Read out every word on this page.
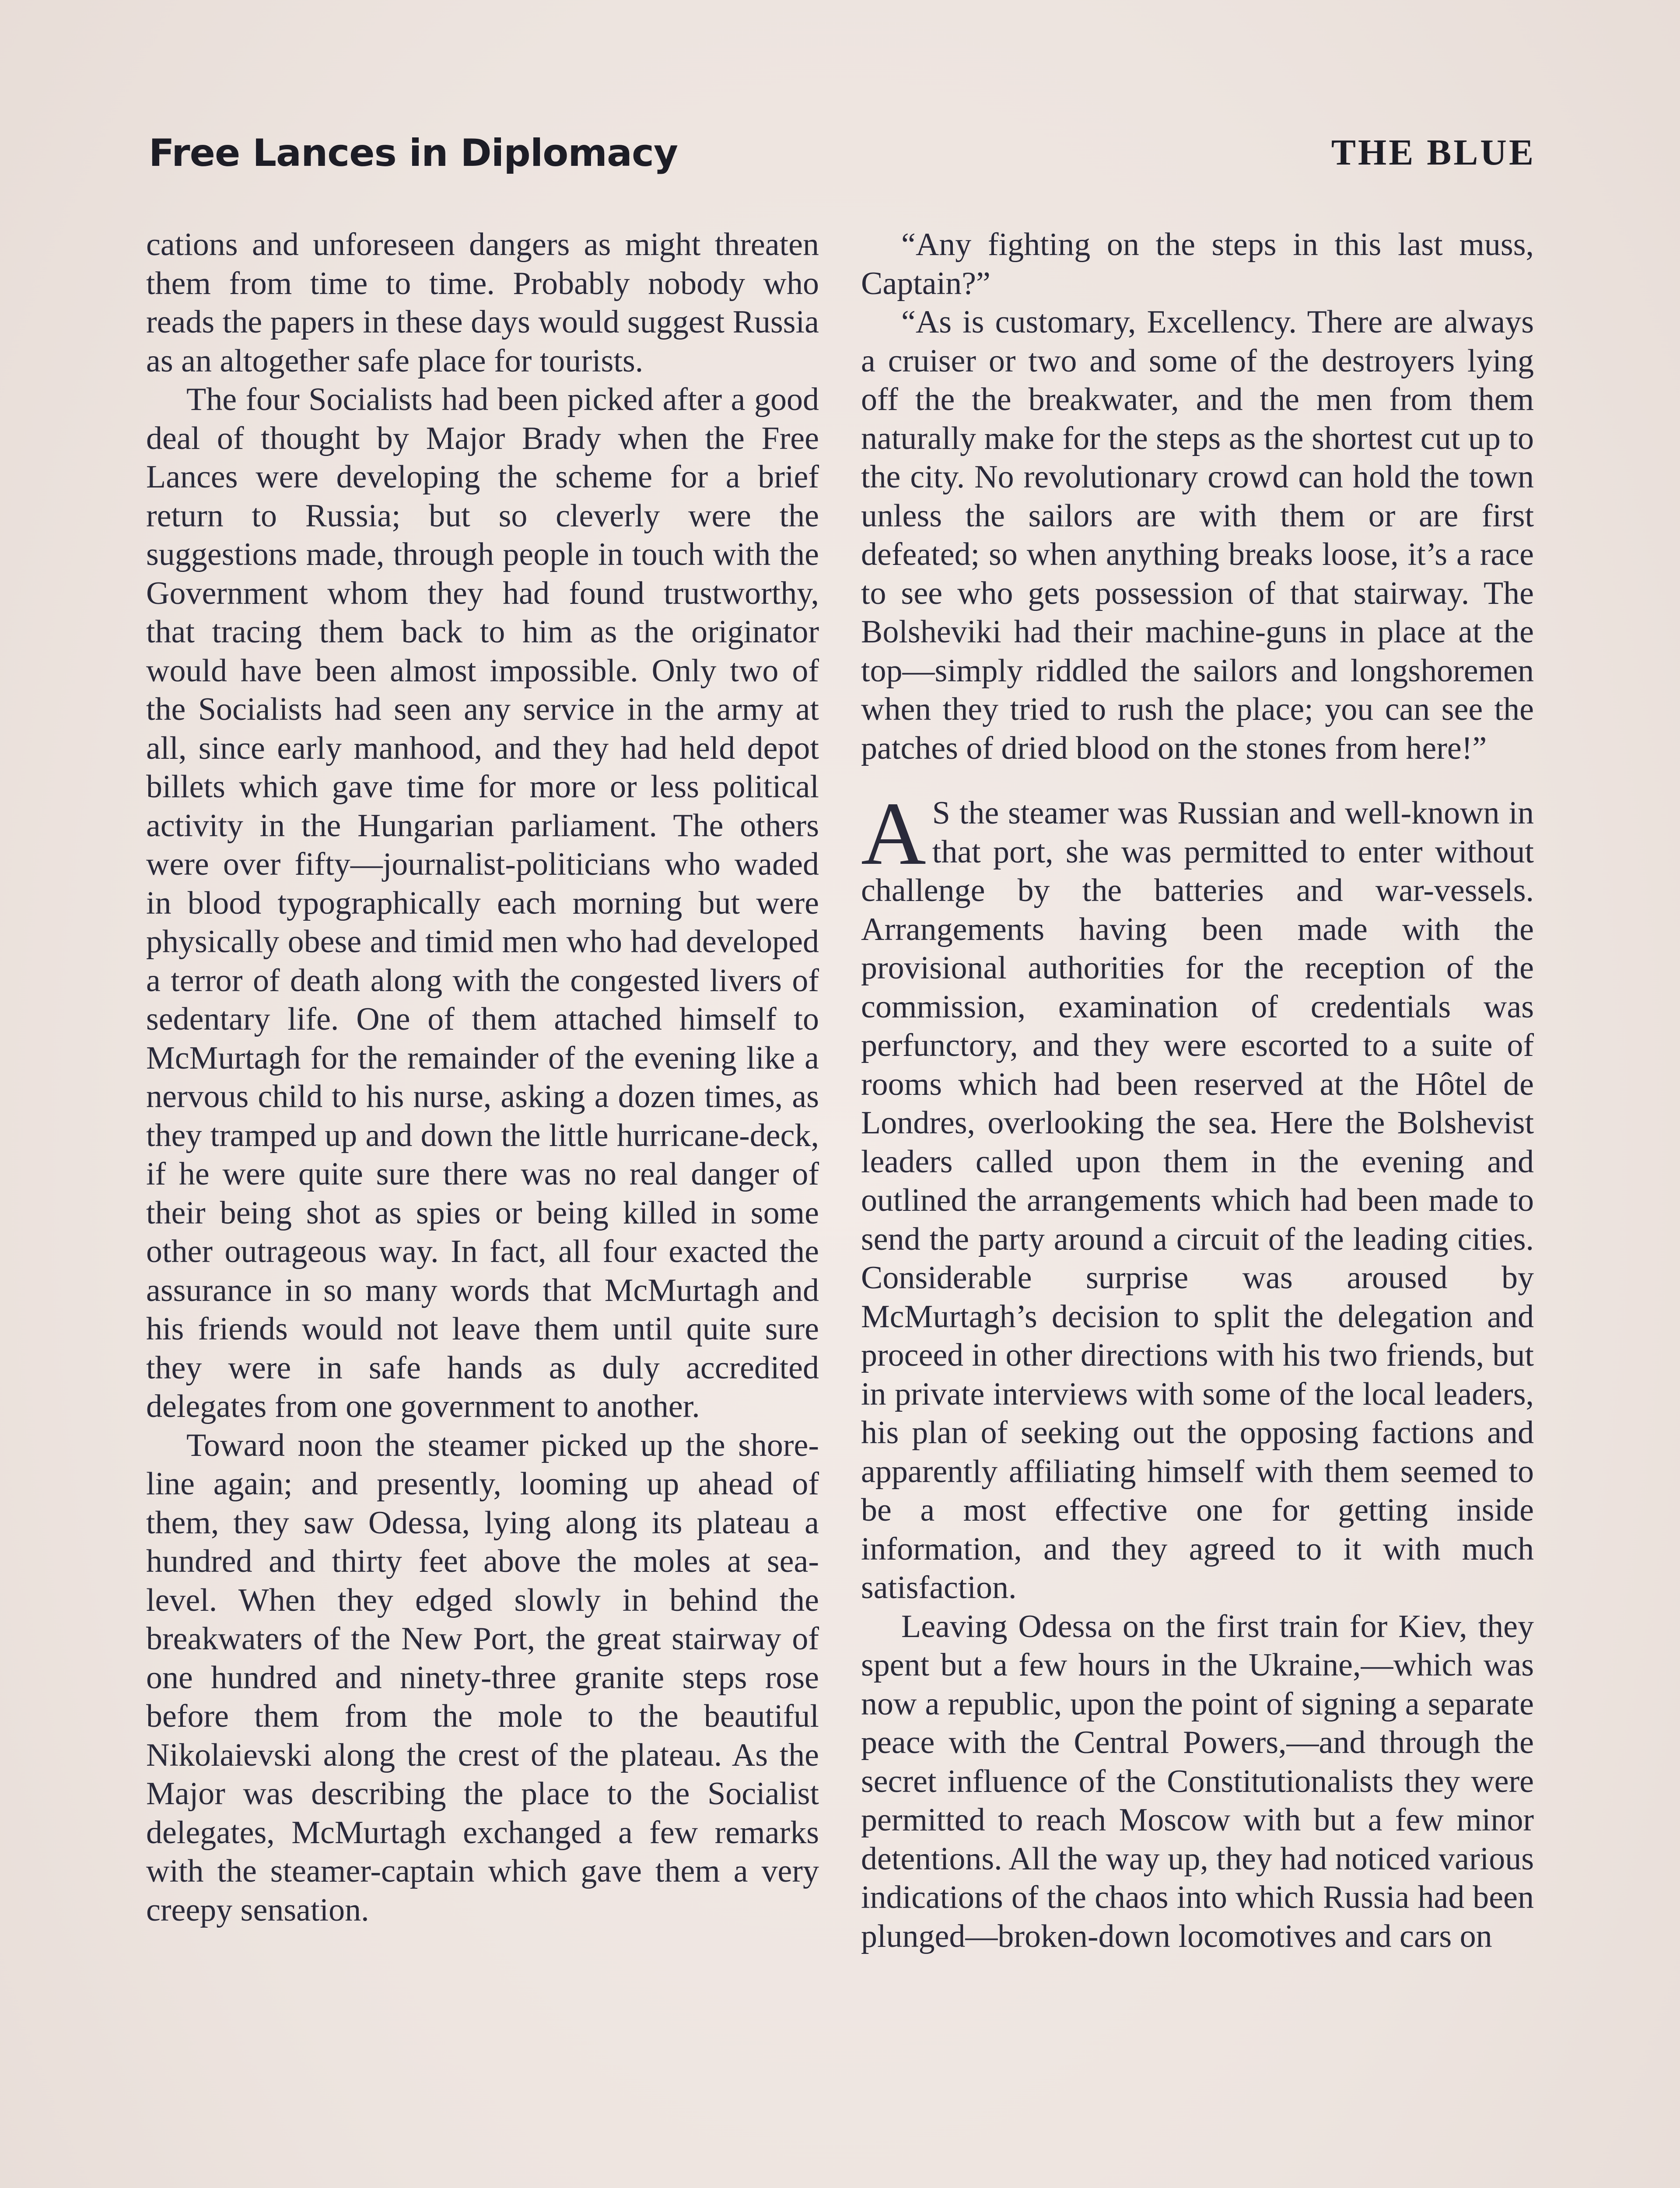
Free Lances in Diplomacy	THE BLUE

cations and unforeseen dangers as might threaten them from time to time. Probably nobody who reads the papers in these days would suggest Russia as an altogether safe place for tourists.

The four Socialists had been picked after a good deal of thought by Major Brady when the Free Lances were developing the scheme for a brief return to Russia; but so cleverly were the suggestions made, through people in touch with the Government whom they had found trustworthy, that tracing them back to him as the originator would have been almost impossible. Only two of the Socialists had seen any service in the army at all, since early manhood, and they had held depot billets which gave time for more or less political activity in the Hungarian parliament. The others were over fifty—journalist-politicians who waded in blood typographically each morning but were physically obese and timid men who had developed a terror of death along with the congested livers of sedentary life. One of them attached himself to McMurtagh for the remainder of the evening like a nervous child to his nurse, asking a dozen times, as they tramped up and down the little hurricane-deck, if he were quite sure there was no real danger of their being shot as spies or being killed in some other outrageous way. In fact, all four exacted the assurance in so many words that McMurtagh and his friends would not leave them until quite sure they were in safe hands as duly accredited delegates from one government to another.

Toward noon the steamer picked up the shore-line again; and presently, looming up ahead of them, they saw Odessa, lying along its plateau a hundred and thirty feet above the moles at sea-level. When they edged slowly in behind the breakwaters of the New Port, the great stairway of one hundred and ninety-three granite steps rose before them from the mole to the beautiful Nikolaievski along the crest of the plateau. As the Major was describing the place to the Socialist delegates, McMurtagh exchanged a few remarks with the steamer-captain which gave them a very creepy sensation.

“Any fighting on the steps in this last muss, Captain?”

“As is customary, Excellency. There are always a cruiser or two and some of the destroyers lying off the the breakwater, and the men from them naturally make for the steps as the shortest cut up to the city. No revolutionary crowd can hold the town unless the sailors are with them or are first defeated; so when anything breaks loose, it’s a race to see who gets possession of that stairway. The Bolsheviki had their machine-guns in place at the top—simply riddled the sailors and longshoremen when they tried to rush the place; you can see the patches of dried blood on the stones from here!”

AS the steamer was Russian and well-known in that port, she was permitted to enter without challenge by the batteries and war-vessels. Arrangements having been made with the provisional authorities for the reception of the commission, examination of credentials was perfunctory, and they were escorted to a suite of rooms which had been reserved at the Hôtel de Londres, overlooking the sea. Here the Bolshevist leaders called upon them in the evening and outlined the arrangements which had been made to send the party around a circuit of the leading cities. Considerable surprise was aroused by McMurtagh’s decision to split the delegation and proceed in other directions with his two friends, but in private interviews with some of the local leaders, his plan of seeking out the opposing factions and apparently affiliating himself with them seemed to be a most effective one for getting inside information, and they agreed to it with much satisfaction.

Leaving Odessa on the first train for Kiev, they spent but a few hours in the Ukraine,—which was now a republic, upon the point of signing a separate peace with the Central Powers,—and through the secret influence of the Constitutionalists they were permitted to reach Moscow with but a few minor detentions. All the way up, they had noticed various indications of the chaos into which Russia had been plunged—broken-down locomotives and cars on
